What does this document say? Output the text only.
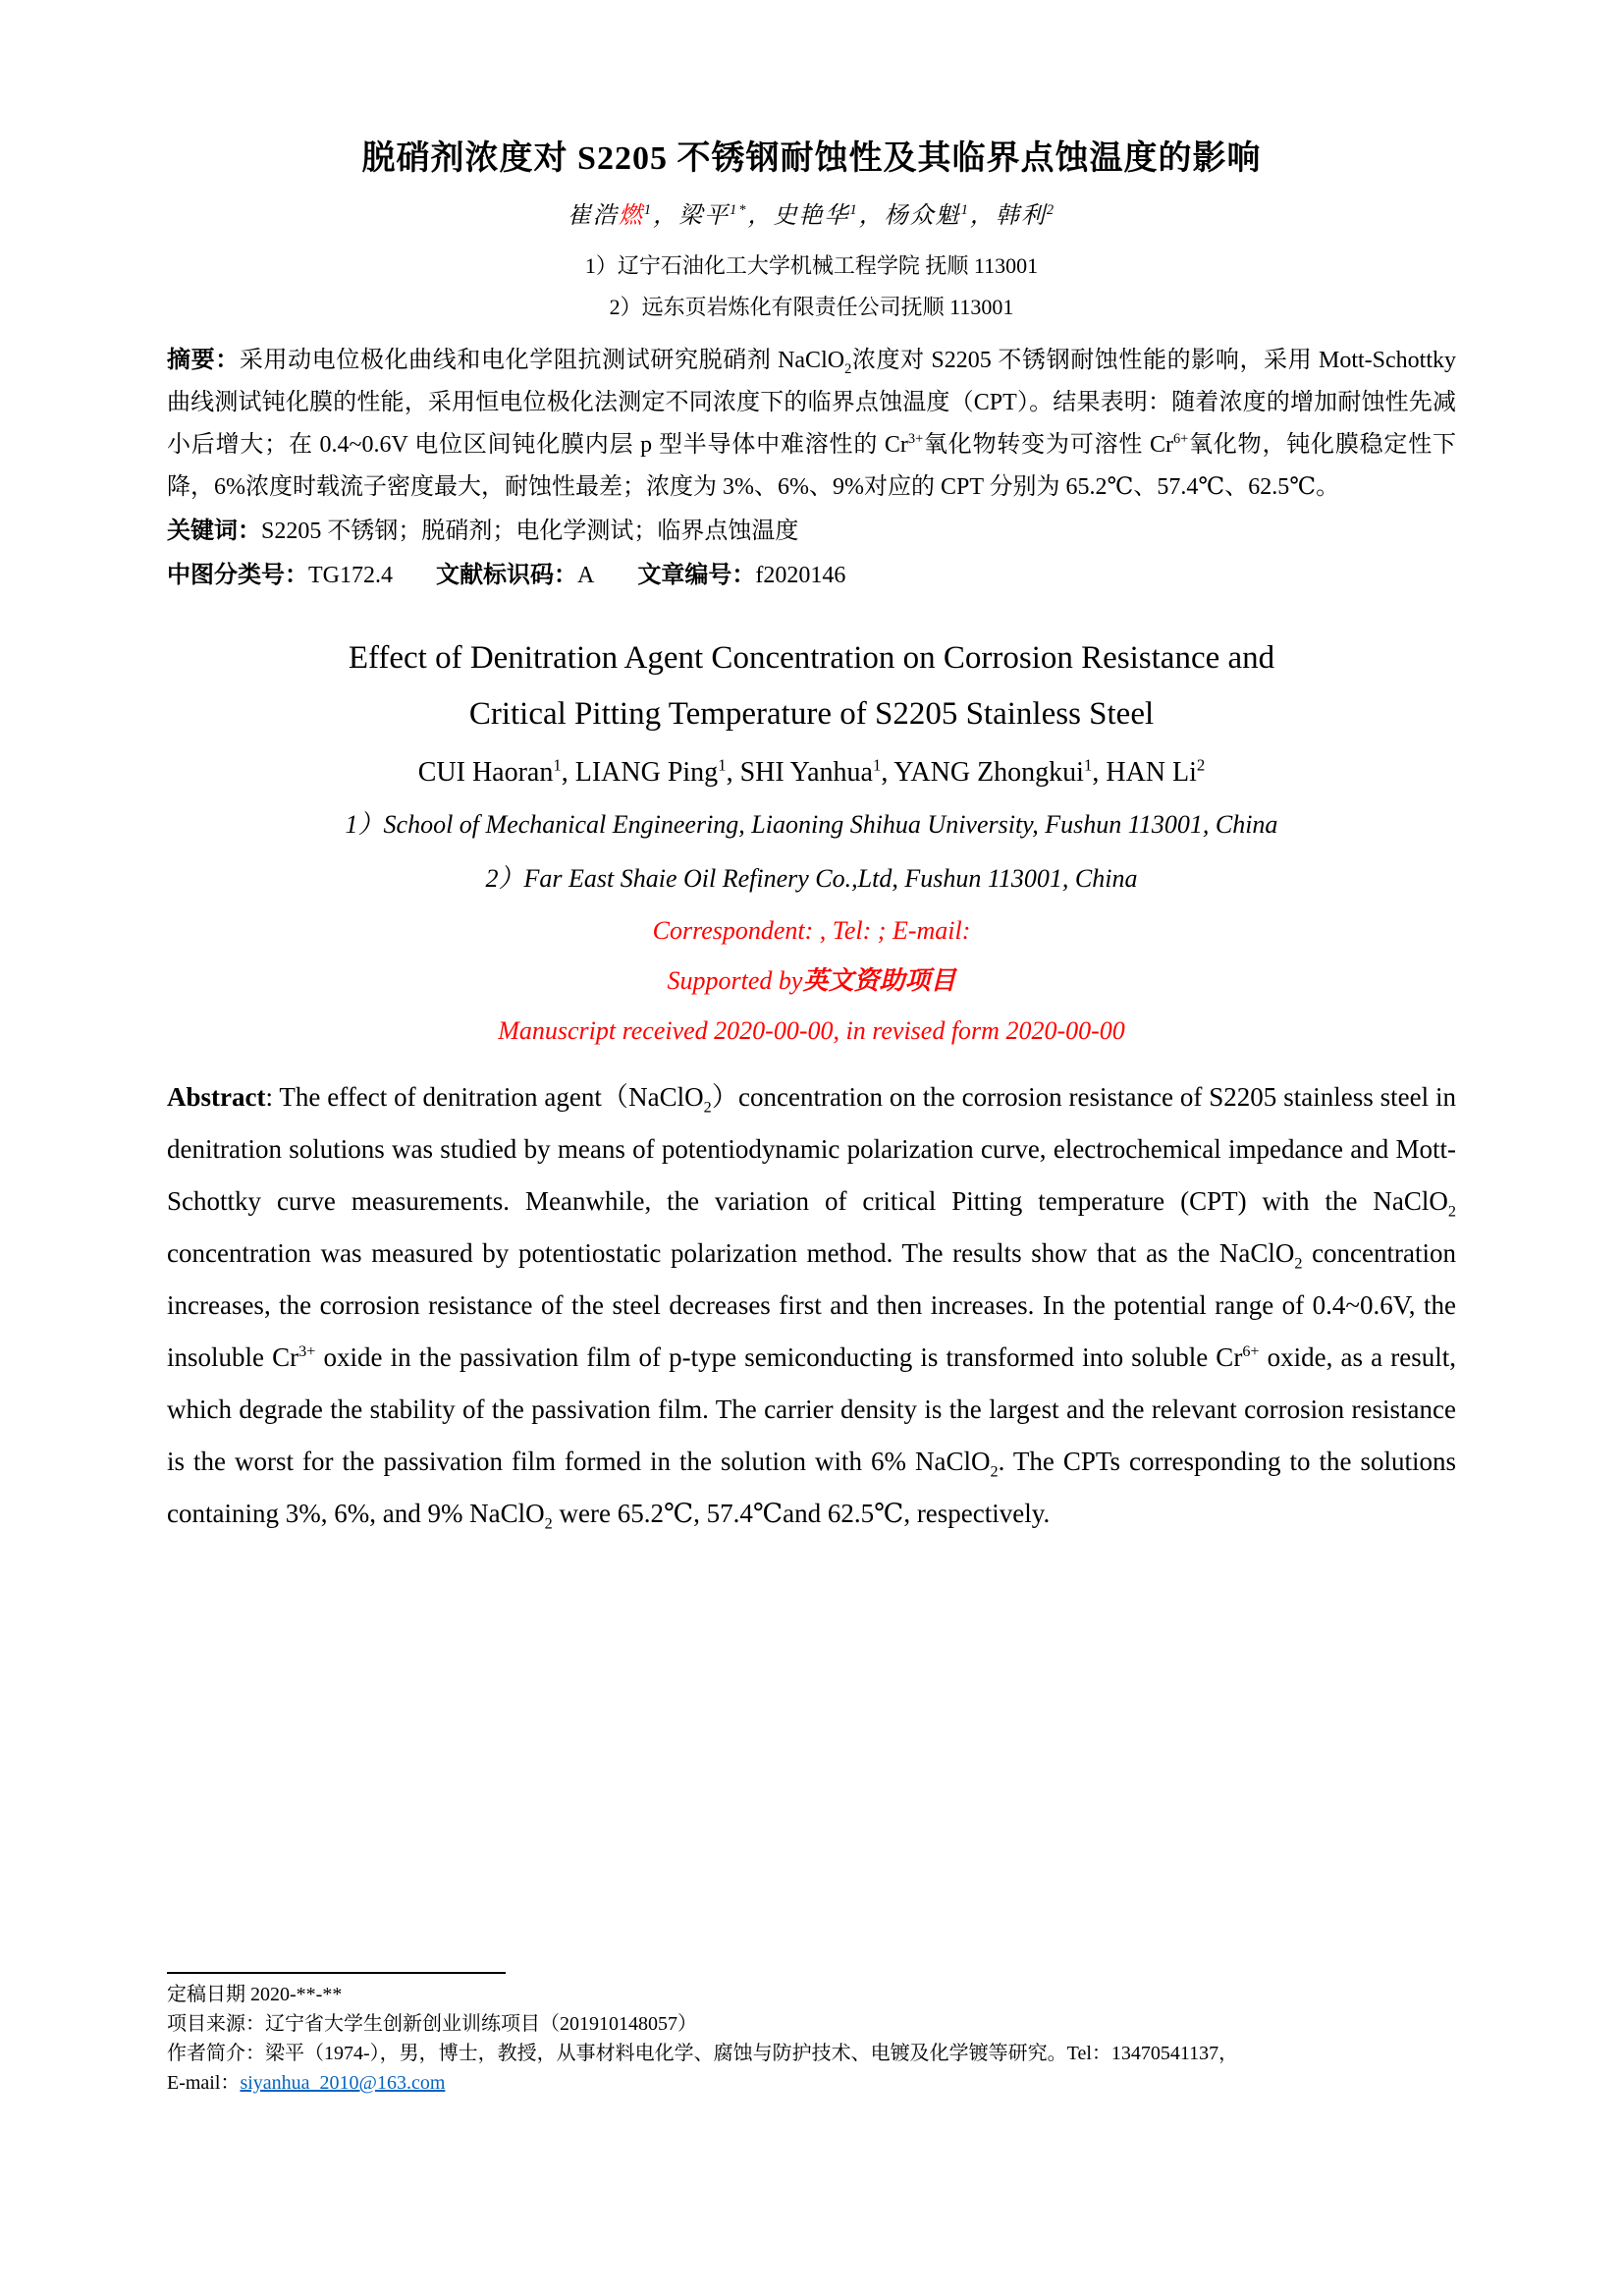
脱硝剂浓度对 S2205 不锈钢耐蚀性及其临界点蚀温度的影响
崔浩燃$^1$，梁平$^{1*}$，史艳华$^1$，杨众魁$^1$，韩利$^2$
1）辽宁石油化工大学机械工程学院 抚顺 113001
2）远东页岩炼化有限责任公司抚顺 113001

摘要：采用动电位极化曲线和电化学阻抗测试研究脱硝剂 NaClO$_2$浓度对 S2205 不锈钢耐蚀性能的影响，采用 Mott-Schottky 曲线测试钝化膜的性能，采用恒电位极化法测定不同浓度下的临界点蚀温度（CPT）。结果表明：随着浓度的增加耐蚀性先减小后增大；在 0.4~0.6V 电位区间钝化膜内层 p 型半导体中难溶性的 $Cr^{3+}$氧化物转变为可溶性 $Cr^{6+}$氧化物，钝化膜稳定性下降，6%浓度时载流子密度最大，耐蚀性最差；浓度为 3%、6%、9%对应的 CPT 分别为 65.2℃、57.4℃、62.5℃。

关键词：S2205 不锈钢；脱硝剂；电化学测试；临界点蚀温度

中图分类号：TG172.4 文献标识码：A 文章编号：f2020146

Effect of Denitration Agent Concentration on Corrosion Resistance and
Critical Pitting Temperature of S2205 Stainless Steel
CUI Haoran$^1$, LIANG Ping$^1$, SHI Yanhua$^1$, YANG Zhongkui$^1$, HAN Li$^2$
1）School of Mechanical Engineering, Liaoning Shihua University, Fushun 113001, China
2）Far East Shaie Oil Refinery Co.,Ltd, Fushun 113001, China
Correspondent: , Tel: ; E-mail:
Supported by英文资助项目
Manuscript received 2020-00-00, in revised form 2020-00-00

Abstract: The effect of denitration agent（NaClO$_2$）concentration on the corrosion resistance of S2205 stainless steel in denitration solutions was studied by means of potentiodynamic polarization curve, electrochemical impedance and Mott-Schottky curve measurements. Meanwhile, the variation of critical Pitting temperature (CPT) with the NaClO$_2$ concentration was measured by potentiostatic polarization method. The results show that as the NaClO$_2$ concentration increases, the corrosion resistance of the steel decreases first and then increases. In the potential range of 0.4~0.6V, the insoluble $Cr^{3+}$ oxide in the passivation film of p-type semiconducting is transformed into soluble $Cr^{6+}$ oxide, as a result, which degrade the stability of the passivation film. The carrier density is the largest and the relevant corrosion resistance is the worst for the passivation film formed in the solution with 6% NaClO$_2$. The CPTs corresponding to the solutions containing 3%, 6%, and 9% NaClO$_2$ were 65.2℃, 57.4℃and 62.5℃, respectively.

定稿日期 2020-**-**
项目来源：辽宁省大学生创新创业训练项目（201910148057）
作者简介：梁平（1974-），男，博士，教授，从事材料电化学、腐蚀与防护技术、电镀及化学镀等研究。Tel：13470541137，
E-mail：siyanhua_2010@163.com
